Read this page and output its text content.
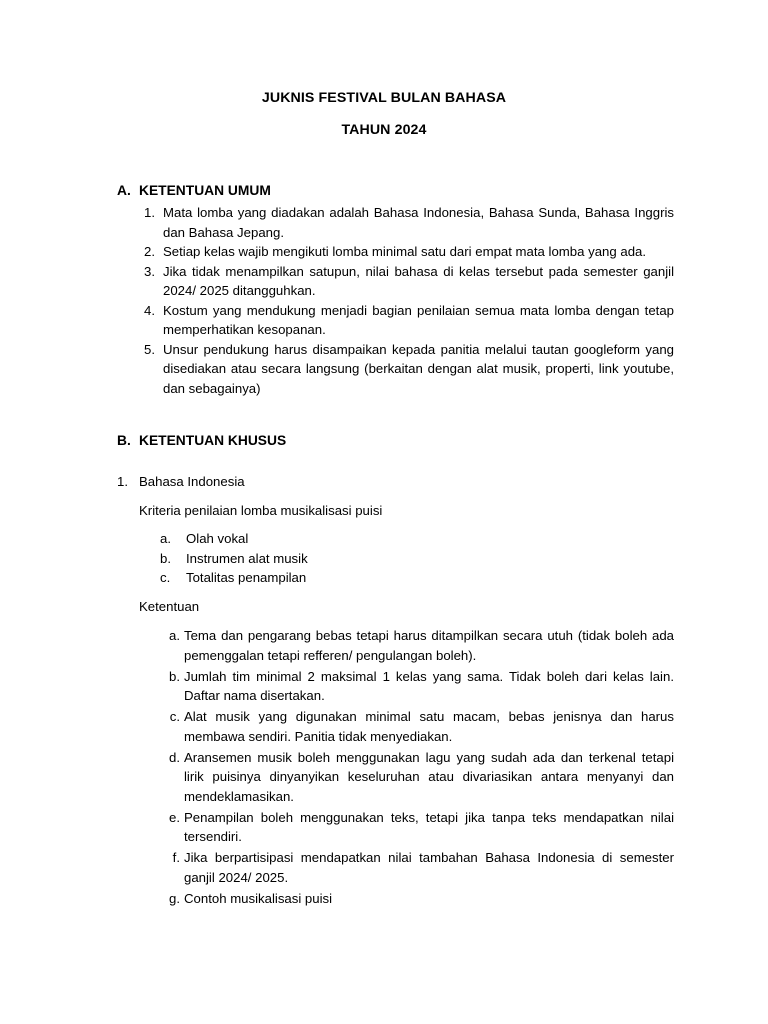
JUKNIS FESTIVAL BULAN BAHASA
TAHUN 2024
A. KETENTUAN UMUM
1. Mata lomba yang diadakan adalah Bahasa Indonesia, Bahasa Sunda, Bahasa Inggris dan Bahasa Jepang.
2. Setiap kelas wajib mengikuti lomba minimal satu dari empat mata lomba yang ada.
3. Jika tidak menampilkan satupun, nilai bahasa di kelas tersebut pada semester ganjil 2024/ 2025 ditangguhkan.
4. Kostum yang mendukung menjadi bagian penilaian semua mata lomba dengan tetap memperhatikan kesopanan.
5. Unsur pendukung harus disampaikan kepada panitia melalui tautan googleform yang disediakan atau secara langsung (berkaitan dengan alat musik, properti, link youtube, dan sebagainya)
B. KETENTUAN KHUSUS
1. Bahasa Indonesia
Kriteria penilaian lomba musikalisasi puisi
a. Olah vokal
b. Instrumen alat musik
c. Totalitas penampilan
Ketentuan
a. Tema dan pengarang bebas tetapi harus ditampilkan secara utuh (tidak boleh ada pemenggalan tetapi refferen/ pengulangan boleh).
b. Jumlah tim minimal 2 maksimal 1 kelas yang sama. Tidak boleh dari kelas lain. Daftar nama disertakan.
c. Alat musik yang digunakan minimal satu macam, bebas jenisnya dan harus membawa sendiri. Panitia tidak menyediakan.
d. Aransemen musik boleh menggunakan lagu yang sudah ada dan terkenal tetapi lirik puisinya dinyanyikan keseluruhan atau divariasikan antara menyanyi dan mendeklamasikan.
e. Penampilan boleh menggunakan teks, tetapi jika tanpa teks mendapatkan nilai tersendiri.
f. Jika berpartisipasi mendapatkan nilai tambahan Bahasa Indonesia di semester ganjil 2024/ 2025.
g. Contoh musikalisasi puisi
